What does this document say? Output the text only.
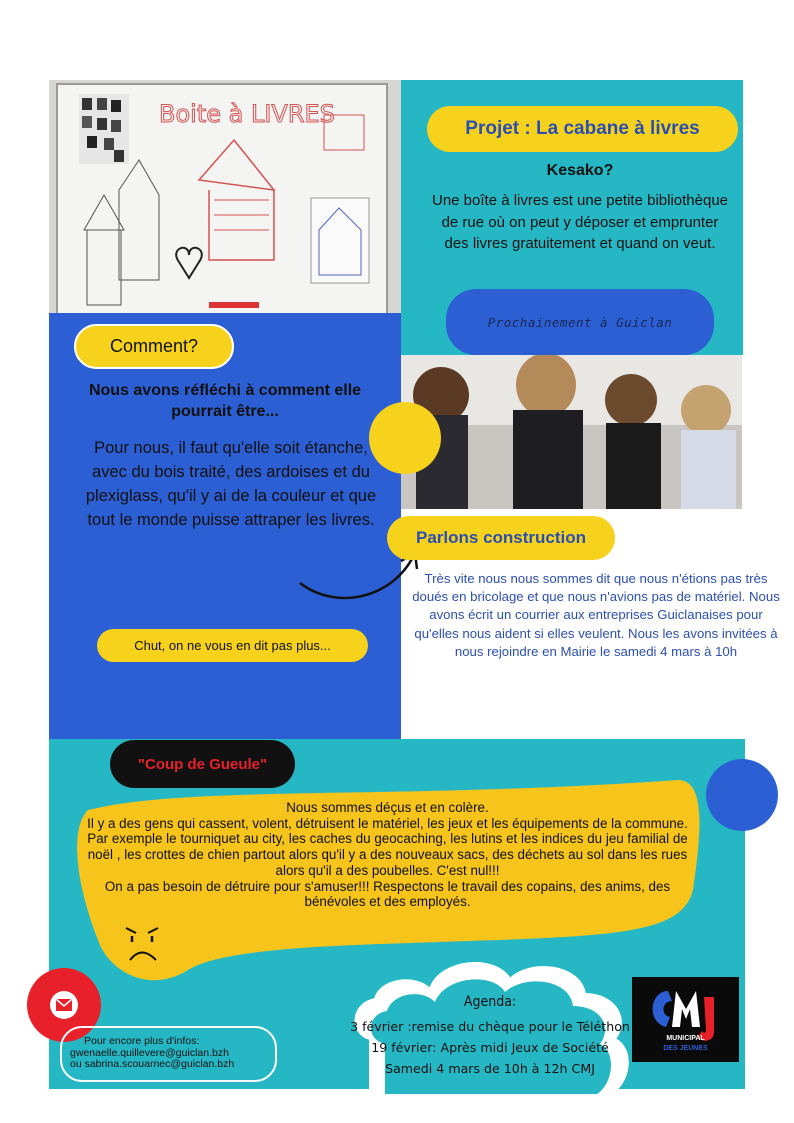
Boite à LIVRES
Projet : La cabane à livres
Kesako?
Une boîte à livres est une petite bibliothèque de rue où on peut y déposer et emprunter des livres gratuitement et quand on veut.
Prochainement à Guiclan
Comment?
Nous avons réfléchi à comment elle pourrait être...
Pour nous, il faut qu'elle soit étanche, avec du bois traité, des ardoises et du plexiglass, qu'il y ai de la couleur et que tout le monde puisse attraper les livres.
Chut, on ne vous en dit pas plus...
Parlons construction
Très vite nous nous sommes dit que nous n'étions pas très doués en bricolage et que nous n'avions pas de matériel. Nous avons écrit un courrier aux entreprises Guiclanaises pour qu'elles nous aident si elles veulent. Nous les avons invitées à nous rejoindre en Mairie le samedi 4 mars à 10h
"Coup de Gueule"
Nous sommes déçus et en colère.
Il y a des gens qui cassent, volent, détruisent le matériel, les jeux et les équipements de la commune.
Par exemple le tourniquet au city, les caches du geocaching, les lutins et les indices du jeu familial de noël , les crottes de chien partout alors qu'il y a des nouveaux sacs, des déchets au sol dans les rues alors qu'il a des poubelles. C'est nul!!!
On a pas besoin de détruire pour s'amuser!!! Respectons le travail des copains, des anims, des bénévoles et des employés.
Pour encore plus d'infos:
gwenaelle.quillevere@guiclan.bzh
ou sabrina.scouarnec@guiclan.bzh
Agenda:
3 février :remise du chèque pour le Téléthon
19 février: Après midi Jeux de Société
Samedi 4 mars de 10h à 12h CMJ
MUNICIPAL
DES JEUNES
